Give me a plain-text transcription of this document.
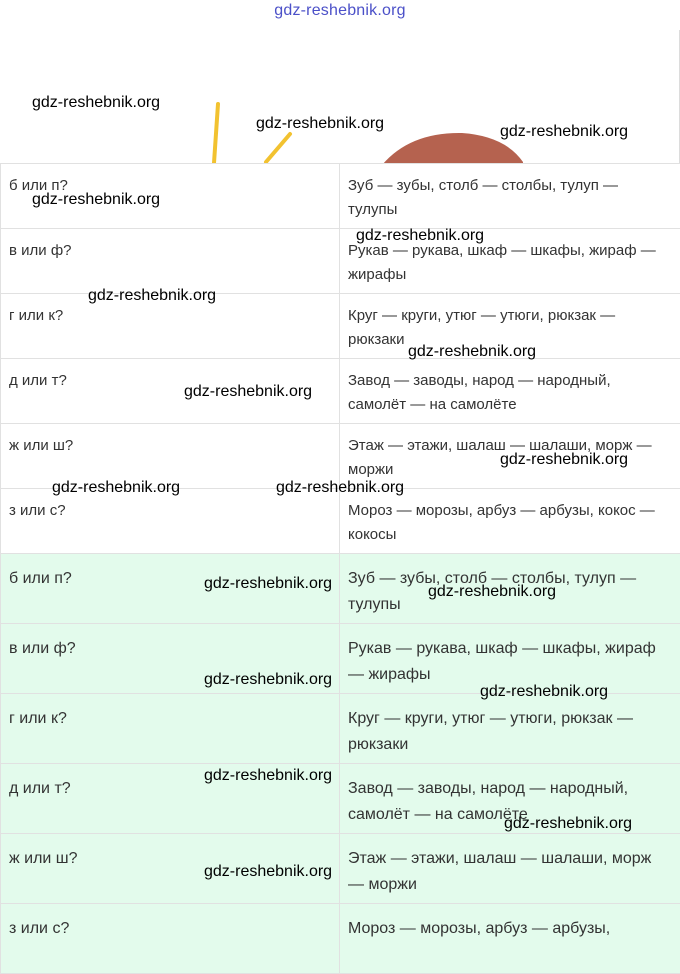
gdz-reshebnik.org
б или п?	Зуб — зубы, столб — столбы, тулуп — тулупы
в или ф?	Рукав — рукава, шкаф — шкафы, жираф — жирафы
г или к?	Круг — круги, утюг — утюги, рюкзак — рюкзаки
д или т?	Завод — заводы, народ — народный, самолёт — на самолёте
ж или ш?	Этаж — этажи, шалаш — шалаши, морж — моржи
з или с?	Мороз — морозы, арбуз — арбузы, кокос — кокосы
б или п?	Зуб — зубы, столб — столбы, тулуп — тулупы
в или ф?	Рукав — рукава, шкаф — шкафы, жираф — жирафы
г или к?	Круг — круги, утюг — утюги, рюкзак — рюкзаки
д или т?	Завод — заводы, народ — народный, самолёт — на самолёте
ж или ш?	Этаж — этажи, шалаш — шалаши, морж — моржи
з или с?	Мороз — морозы, арбуз — арбузы,
gdz-reshebnik.org
gdz-reshebnik.org	gdz-reshebnik.org
gdz-reshebnik.org
gdz-reshebnik.org
gdz-reshebnik.org
gdz-reshebnik.org
gdz-reshebnik.org
gdz-reshebnik.org
gdz-reshebnik.org	gdz-reshebnik.org
gdz-reshebnik.org	gdz-reshebnik.org
gdz-reshebnik.org
gdz-reshebnik.org
gdz-reshebnik.org
gdz-reshebnik.org
gdz-reshebnik.org
